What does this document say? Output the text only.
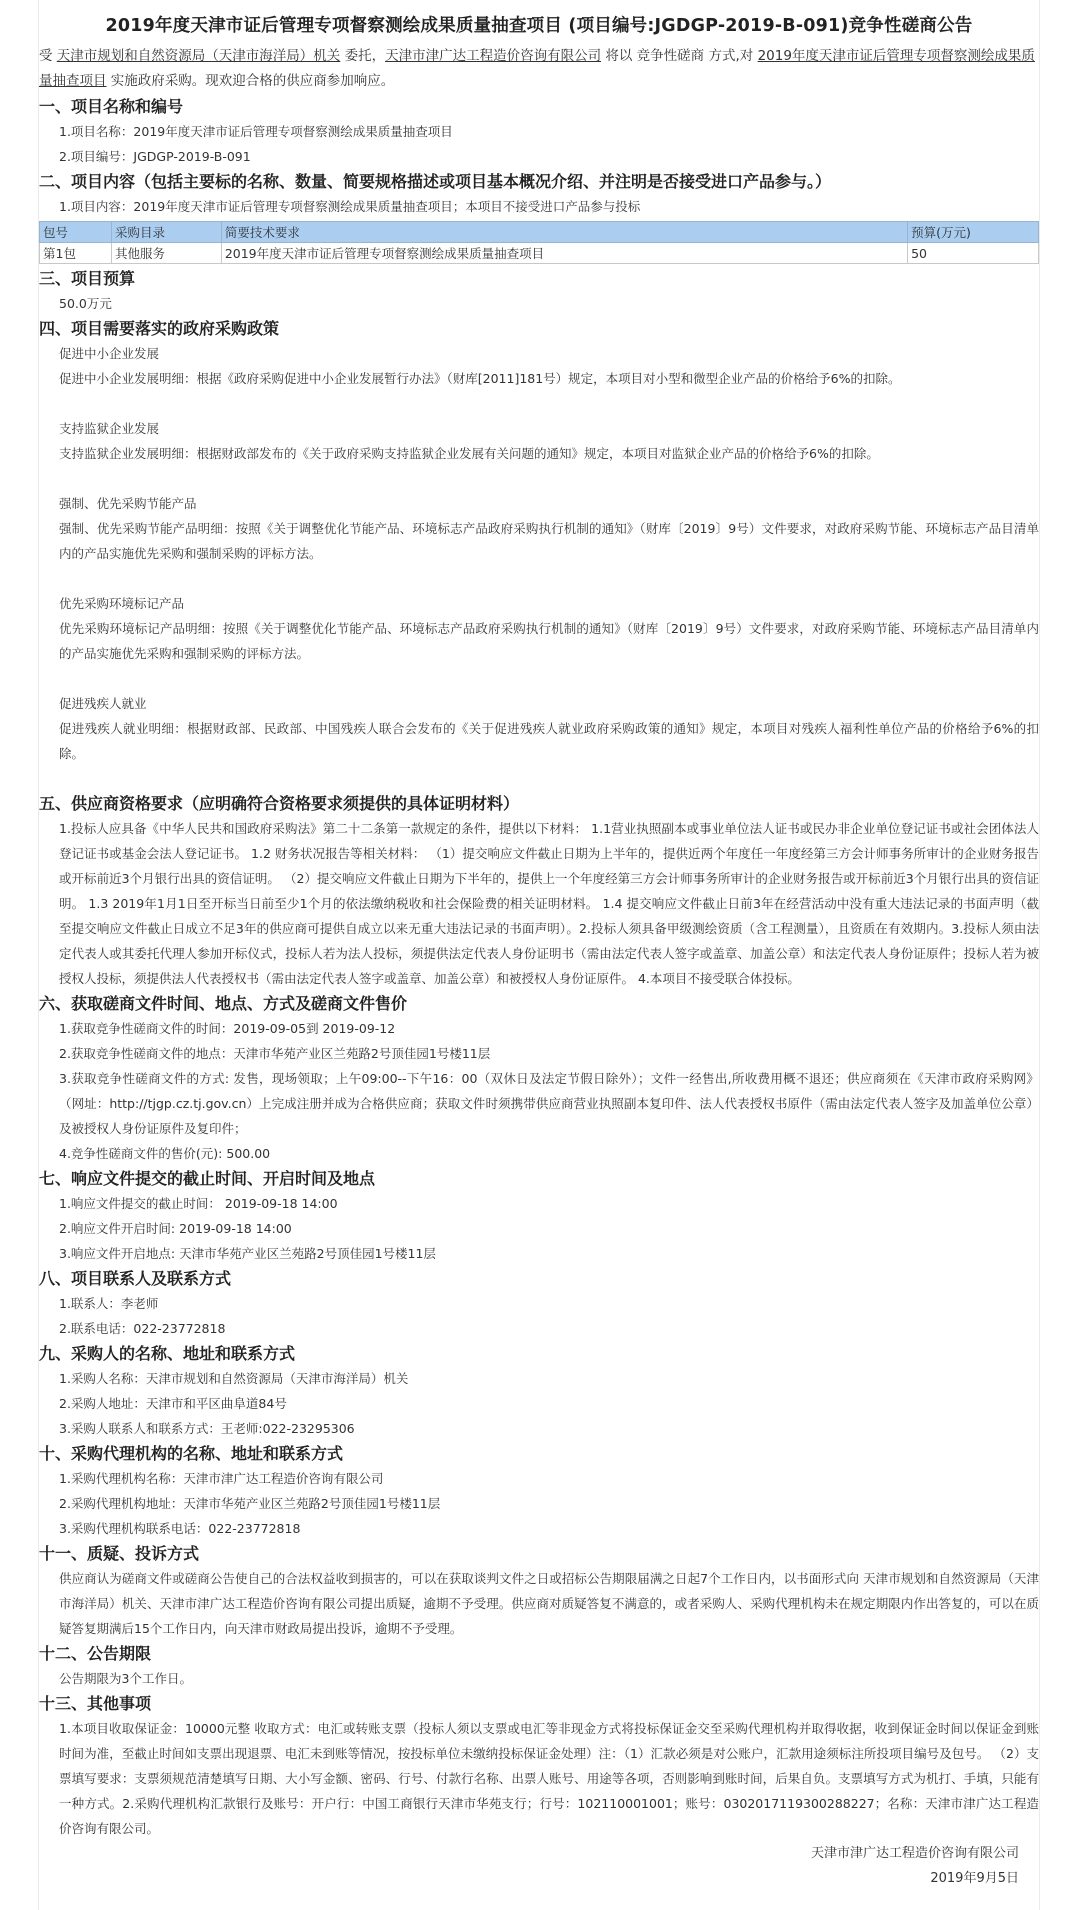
2019年度天津市证后管理专项督察测绘成果质量抽查项目 (项目编号:JGDGP-2019-B-091)竞争性磋商公告

受 天津市规划和自然资源局（天津市海洋局）机关 委托，天津市津广达工程造价咨询有限公司 将以 竞争性磋商 方式,对 2019年度天津市证后管理专项督察测绘成果质量抽查项目 实施政府采购。现欢迎合格的供应商参加响应。

一、项目名称和编号

1.项目名称：2019年度天津市证后管理专项督察测绘成果质量抽查项目

2.项目编号：JGDGP-2019-B-091

二、项目内容（包括主要标的名称、数量、简要规格描述或项目基本概况介绍、并注明是否接受进口产品参与。）

1.项目内容：2019年度天津市证后管理专项督察测绘成果质量抽查项目；本项目不接受进口产品参与投标

包号	采购目录	简要技术要求	预算(万元)
第1包	其他服务	2019年度天津市证后管理专项督察测绘成果质量抽查项目	50
三、项目预算

50.0万元

四、项目需要落实的政府采购政策

促进中小企业发展

促进中小企业发展明细：根据《政府采购促进中小企业发展暂行办法》（财库[2011]181号）规定，本项目对小型和微型企业产品的价格给予6%的扣除。

支持监狱企业发展

支持监狱企业发展明细：根据财政部发布的《关于政府采购支持监狱企业发展有关问题的通知》规定，本项目对监狱企业产品的价格给予6%的扣除。

强制、优先采购节能产品

强制、优先采购节能产品明细：按照《关于调整优化节能产品、环境标志产品政府采购执行机制的通知》（财库〔2019〕9号）文件要求，对政府采购节能、环境标志产品目清单内的产品实施优先采购和强制采购的评标方法。

优先采购环境标记产品

优先采购环境标记产品明细：按照《关于调整优化节能产品、环境标志产品政府采购执行机制的通知》（财库〔2019〕9号）文件要求，对政府采购节能、环境标志产品目清单内的产品实施优先采购和强制采购的评标方法。

促进残疾人就业

促进残疾人就业明细：根据财政部、民政部、中国残疾人联合会发布的《关于促进残疾人就业政府采购政策的通知》规定，本项目对残疾人福利性单位产品的价格给予6%的扣除。

五、供应商资格要求（应明确符合资格要求须提供的具体证明材料）

1.投标人应具备《中华人民共和国政府采购法》第二十二条第一款规定的条件，提供以下材料： 1.1营业执照副本或事业单位法人证书或民办非企业单位登记证书或社会团体法人登记证书或基金会法人登记证书。 1.2 财务状况报告等相关材料： （1）提交响应文件截止日期为上半年的，提供近两个年度任一年度经第三方会计师事务所审计的企业财务报告或开标前近3个月银行出具的资信证明。 （2）提交响应文件截止日期为下半年的，提供上一个年度经第三方会计师事务所审计的企业财务报告或开标前近3个月银行出具的资信证明。 1.3 2019年1月1日至开标当日前至少1个月的依法缴纳税收和社会保险费的相关证明材料。 1.4 提交响应文件截止日前3年在经营活动中没有重大违法记录的书面声明（截至提交响应文件截止日成立不足3年的供应商可提供自成立以来无重大违法记录的书面声明）。2.投标人须具备甲级测绘资质（含工程测量），且资质在有效期内。3.投标人须由法定代表人或其委托代理人参加开标仪式，投标人若为法人投标，须提供法定代表人身份证明书（需由法定代表人签字或盖章、加盖公章）和法定代表人身份证原件；投标人若为被授权人投标，须提供法人代表授权书（需由法定代表人签字或盖章、加盖公章）和被授权人身份证原件。 4.本项目不接受联合体投标。

六、获取磋商文件时间、地点、方式及磋商文件售价

1.获取竞争性磋商文件的时间：2019-09-05到 2019-09-12

2.获取竞争性磋商文件的地点：天津市华苑产业区兰苑路2号顶佳园1号楼11层

3.获取竞争性磋商文件的方式: 发售，现场领取；上午09:00--下午16：00（双休日及法定节假日除外）；文件一经售出,所收费用概不退还；供应商须在《天津市政府采购网》 （网址：http://tjgp.cz.tj.gov.cn）上完成注册并成为合格供应商；获取文件时须携带供应商营业执照副本复印件、法人代表授权书原件（需由法定代表人签字及加盖单位公章）及被授权人身份证原件及复印件；

4.竞争性磋商文件的售价(元): 500.00

七、响应文件提交的截止时间、开启时间及地点

1.响应文件提交的截止时间： 2019-09-18 14:00

2.响应文件开启时间: 2019-09-18 14:00

3.响应文件开启地点: 天津市华苑产业区兰苑路2号顶佳园1号楼11层

八、项目联系人及联系方式

1.联系人：李老师

2.联系电话：022-23772818

九、采购人的名称、地址和联系方式

1.采购人名称：天津市规划和自然资源局（天津市海洋局）机关

2.采购人地址：天津市和平区曲阜道84号

3.采购人联系人和联系方式：王老师:022-23295306

十、采购代理机构的名称、地址和联系方式

1.采购代理机构名称：天津市津广达工程造价咨询有限公司

2.采购代理机构地址：天津市华苑产业区兰苑路2号顶佳园1号楼11层

3.采购代理机构联系电话：022-23772818

十一、质疑、投诉方式

供应商认为磋商文件或磋商公告使自己的合法权益收到损害的，可以在获取谈判文件之日或招标公告期限届满之日起7个工作日内，以书面形式向 天津市规划和自然资源局（天津市海洋局）机关、天津市津广达工程造价咨询有限公司提出质疑，逾期不予受理。供应商对质疑答复不满意的，或者采购人、采购代理机构未在规定期限内作出答复的，可以在质疑答复期满后15个工作日内，向天津市财政局提出投诉，逾期不予受理。

十二、公告期限

公告期限为3个工作日。

十三、其他事项

1.本项目收取保证金：10000元整 收取方式：电汇或转账支票（投标人须以支票或电汇等非现金方式将投标保证金交至采购代理机构并取得收据，收到保证金时间以保证金到账时间为准，至截止时间如支票出现退票、电汇未到账等情况，按投标单位未缴纳投标保证金处理）注：（1）汇款必须是对公账户，汇款用途须标注所投项目编号及包号。 （2）支票填写要求：支票须规范清楚填写日期、大小写金额、密码、行号、付款行名称、出票人账号、用途等各项，否则影响到账时间，后果自负。支票填写方式为机打、手填，只能有一种方式。2.采购代理机构汇款银行及账号：开户行：中国工商银行天津市华苑支行；行号：102110001001；账号：0302017119300288227；名称：天津市津广达工程造价咨询有限公司。

天津市津广达工程造价咨询有限公司

2019年9月5日
